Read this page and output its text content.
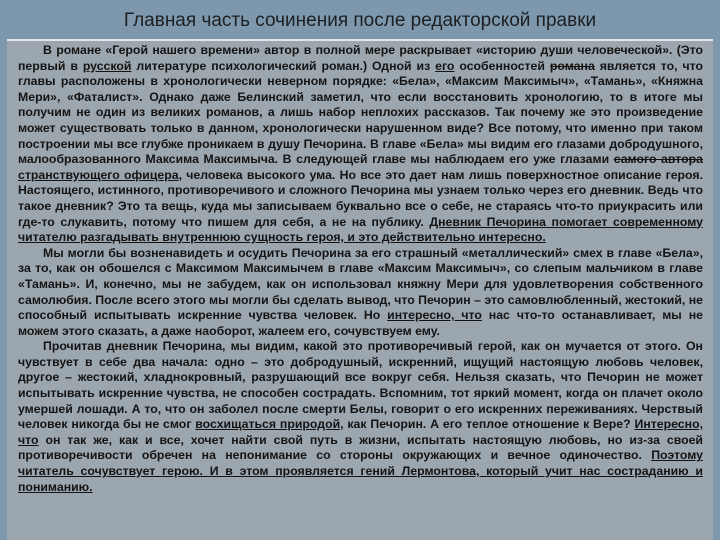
Главная часть сочинения после редакторской правки

В романе «Герой нашего времени» автор в полной мере раскрывает «историю души человеческой». (Это первый в русской литературе психологический роман.) Одной из его особенностей романа является то, что главы расположены в хронологически неверном порядке: «Бела», «Максим Максимыч», «Тамань», «Княжна Мери», «Фаталист». Однако даже Белинский заметил, что если восстановить хронологию, то в итоге мы получим не один из великих романов, а лишь набор неплохих рассказов. Так почему же это произведение может существовать только в данном, хронологически нарушенном виде? Все потому, что именно при таком построении мы все глубже проникаем в душу Печорина. В главе «Бела» мы видим его глазами добродушного, малообразованного Максима Максимыча. В следующей главе мы наблюдаем его уже глазами самого автора странствующего офицера, человека высокого ума. Но все это дает нам лишь поверхностное описание героя. Настоящего, истинного, противоречивого и сложного Печорина мы узнаем только через его дневник. Ведь что такое дневник? Это та вещь, куда мы записываем буквально все о себе, не стараясь что-то приукрасить или где-то слукавить, потому что пишем для себя, а не на публику. Дневник Печорина помогает современному читателю разгадывать внутреннюю сущность героя, и это действительно интересно.

Мы могли бы возненавидеть и осудить Печорина за его страшный «металлический» смех в главе «Бела», за то, как он обошелся с Максимом Максимычем в главе «Максим Максимыч», со слепым мальчиком в главе «Тамань». И, конечно, мы не забудем, как он использовал княжну Мери для удовлетворения собственного самолюбия. После всего этого мы могли бы сделать вывод, что Печорин – это самовлюбленный, жестокий, не способный испытывать искренние чувства человек. Но интересно, что нас что-то останавливает, мы не можем этого сказать, а даже наоборот, жалеем его, сочувствуем ему.

Прочитав дневник Печорина, мы видим, какой это противоречивый герой, как он мучается от этого. Он чувствует в себе два начала: одно – это добродушный, искренний, ищущий настоящую любовь человек, другое – жестокий, хладнокровный, разрушающий все вокруг себя. Нельзя сказать, что Печорин не может испытывать искренние чувства, не способен сострадать. Вспомним, тот яркий момент, когда он плачет около умершей лошади. А то, что он заболел после смерти Белы, говорит о его искренних переживаниях. Черствый человек никогда бы не смог восхищаться природой, как Печорин. А его теплое отношение к Вере? Интересно, что он так же, как и все, хочет найти свой путь в жизни, испытать настоящую любовь, но из-за своей противоречивости обречен на непонимание со стороны окружающих и вечное одиночество. Поэтому читатель сочувствует герою. И в этом проявляется гений Лермонтова, который учит нас состраданию и пониманию.
